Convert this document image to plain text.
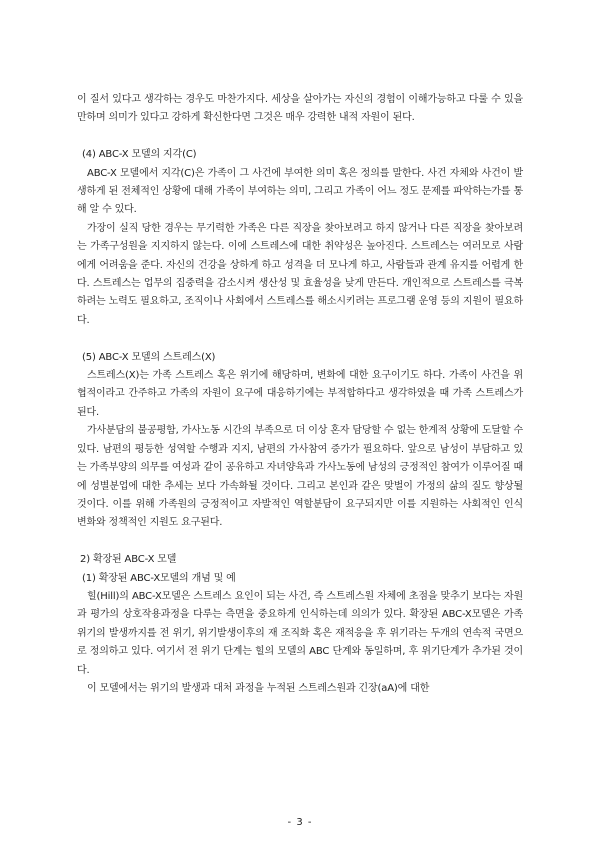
이 질서 있다고 생각하는 경우도 마찬가지다. 세상을 살아가는 자신의 경험이 이해가능하고 다룰 수 있을 만하며 의미가 있다고 강하게 확신한다면 그것은 매우 강력한 내적 자원이 된다.

(4) ABC-X 모델의 지각(C)

ABC-X 모델에서 지각(C)은 가족이 그 사건에 부여한 의미 혹은 정의를 말한다. 사건 자체와 사건이 발생하게 된 전체적인 상황에 대해 가족이 부여하는 의미, 그리고 가족이 어느 정도 문제를 파악하는가를 통해 알 수 있다.

가장이 실직 당한 경우는 무기력한 가족은 다른 직장을 찾아보려고 하지 않거나 다른 직장을 찾아보려는 가족구성원을 지지하지 않는다. 이에 스트레스에 대한 취약성은 높아진다. 스트레스는 여러모로 사람에게 어려움을 준다. 자신의 건강을 상하게 하고 성격을 더 모나게 하고, 사람들과 관계 유지를 어렵게 한다. 스트레스는 업무의 집중력을 감소시켜 생산성 및 효율성을 낮게 만든다. 개인적으로 스트레스를 극복하려는 노력도 필요하고, 조직이나 사회에서 스트레스를 해소시키려는 프로그램 운영 등의 지원이 필요하다.

(5) ABC-X 모델의 스트레스(X)

스트레스(X)는 가족 스트레스 혹은 위기에 해당하며, 변화에 대한 요구이기도 하다. 가족이 사건을 위협적이라고 간주하고 가족의 자원이 요구에 대응하기에는 부적합하다고 생각하였을 때 가족 스트레스가 된다.

가사분담의 불공평함, 가사노동 시간의 부족으로 더 이상 혼자 담당할 수 없는 한계적 상황에 도달할 수 있다. 남편의 평등한 성역할 수행과 지지, 남편의 가사참여 증가가 필요하다. 앞으로 남성이 부담하고 있는 가족부양의 의무를 여성과 같이 공유하고 자녀양육과 가사노동에 남성의 긍정적인 참여가 이루어질 때에 성별분업에 대한 추세는 보다 가속화될 것이다. 그리고 본인과 같은 맞벌이 가정의 삶의 질도 향상될 것이다. 이를 위해 가족원의 긍정적이고 자발적인 역할분담이 요구되지만 이를 지원하는 사회적인 인식 변화와 정책적인 지원도 요구된다.

2) 확장된 ABC-X 모델

(1) 확장된 ABC-X모델의 개념 및 예

힐(Hill)의 ABC-X모델은 스트레스 요인이 되는 사건, 즉 스트레스원 자체에 초점을 맞추기 보다는 자원과 평가의 상호작용과정을 다루는 측면을 중요하게 인식하는데 의의가 있다. 확장된 ABC-X모델은 가족위기의 발생까지를 전 위기, 위기발생이후의 재 조직화 혹은 재적응을 후 위기라는 두개의 연속적 국면으로 정의하고 있다. 여기서 전 위기 단계는 힐의 모델의 ABC 단계와 동일하며, 후 위기단계가 추가된 것이다.

이 모델에서는 위기의 발생과 대처 과정을 누적된 스트레스원과 긴장(aA)에 대한

- 3 -
